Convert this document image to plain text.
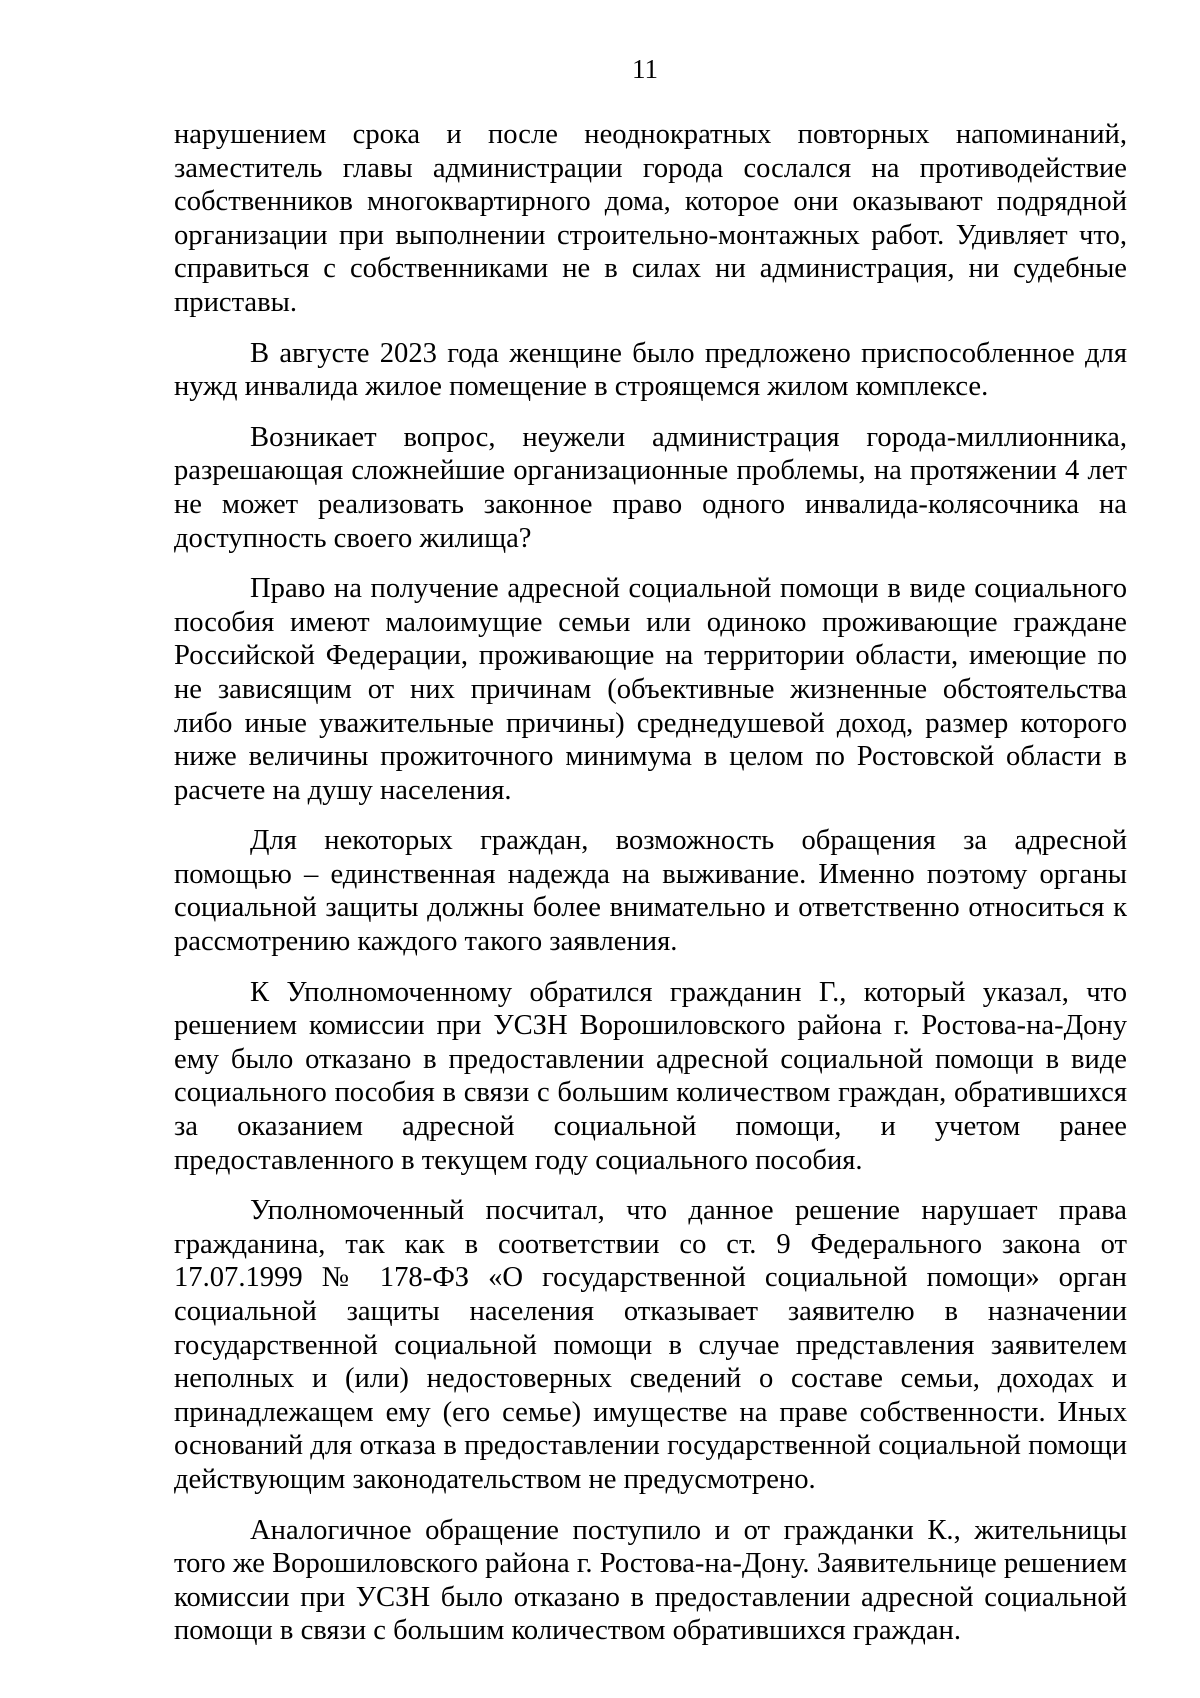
11

нарушением срока и после неоднократных повторных напоминаний, заместитель главы администрации города сослался на противодействие собственников многоквартирного дома, которое они оказывают подрядной организации при выполнении строительно-монтажных работ. Удивляет что, справиться с собственниками не в силах ни администрация, ни судебные приставы.

В августе 2023 года женщине было предложено приспособленное для нужд инвалида жилое помещение в строящемся жилом комплексе.

Возникает вопрос, неужели администрация города-миллионника, разрешающая сложнейшие организационные проблемы, на протяжении 4 лет не может реализовать законное право одного инвалида-колясочника на доступность своего жилища?

Право на получение адресной социальной помощи в виде социального пособия имеют малоимущие семьи или одиноко проживающие граждане Российской Федерации, проживающие на территории области, имеющие по не зависящим от них причинам (объективные жизненные обстоятельства либо иные уважительные причины) среднедушевой доход, размер которого ниже величины прожиточного минимума в целом по Ростовской области в расчете на душу населения.

Для некоторых граждан, возможность обращения за адресной помощью – единственная надежда на выживание. Именно поэтому органы социальной защиты должны более внимательно и ответственно относиться к рассмотрению каждого такого заявления.

К Уполномоченному обратился гражданин Г., который указал, что решением комиссии при УСЗН Ворошиловского района г. Ростова-на-Дону ему было отказано в предоставлении адресной социальной помощи в виде социального пособия в связи с большим количеством граждан, обратившихся за оказанием адресной социальной помощи, и учетом ранее предоставленного в текущем году социального пособия.

Уполномоченный посчитал, что данное решение нарушает права гражданина, так как в соответствии со ст. 9 Федерального закона от 17.07.1999 № 178-ФЗ «О государственной социальной помощи» орган социальной защиты населения отказывает заявителю в назначении государственной социальной помощи в случае представления заявителем неполных и (или) недостоверных сведений о составе семьи, доходах и принадлежащем ему (его семье) имуществе на праве собственности. Иных оснований для отказа в предоставлении государственной социальной помощи действующим законодательством не предусмотрено.

Аналогичное обращение поступило и от гражданки К., жительницы того же Ворошиловского района г. Ростова-на-Дону. Заявительнице решением комиссии при УСЗН было отказано в предоставлении адресной социальной помощи в связи с большим количеством обратившихся граждан.
